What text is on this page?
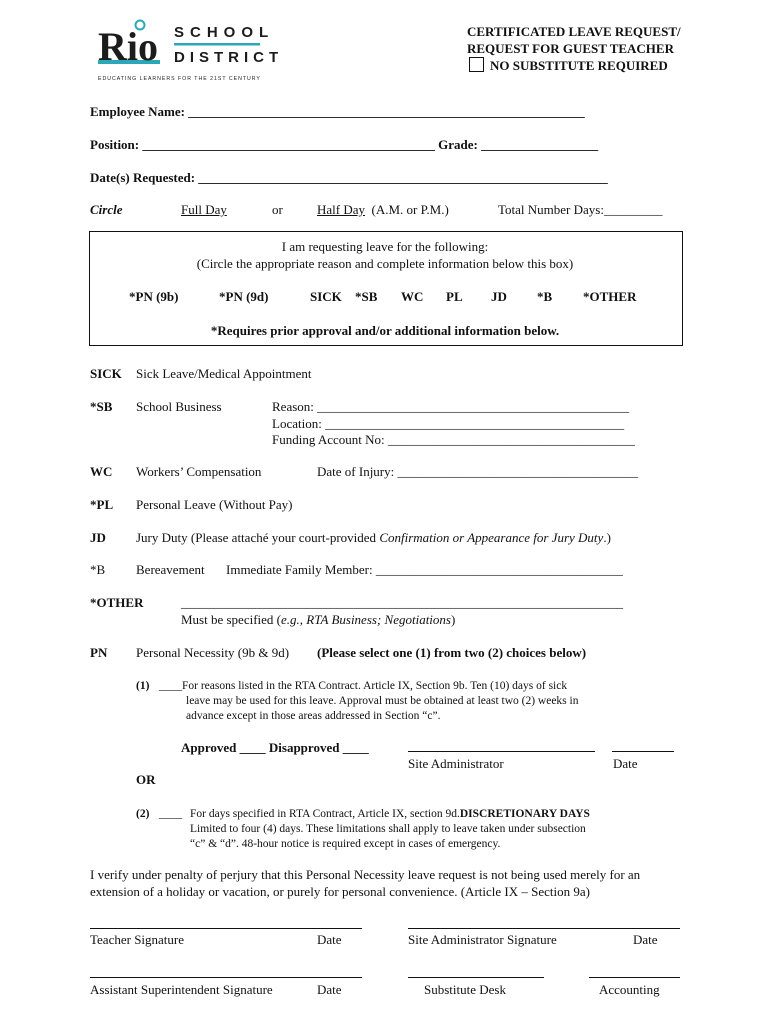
Rio SCHOOL
DISTRICT
EDUCATING LEARNERS FOR THE 21ST CENTURY
CERTIFICATED LEAVE REQUEST/
REQUEST FOR GUEST TEACHER
NO SUBSTITUTE REQUIRED
Employee Name: _____________________________________________________________
Position: _____________________________________________ Grade: __________________
Date(s) Requested: _______________________________________________________________
Circle	Full Day	or	Half Day (A.M. or P.M.)	Total Number Days:_________
I am requesting leave for the following:
(Circle the appropriate reason and complete information below this box)
*PN (9b)	*PN (9d)	SICK *SB WC PL JD *B *OTHER
*Requires prior approval and/or additional information below.
SICK Sick Leave/Medical Appointment
*SB School Business	Reason: ________________________________________________
Location: ______________________________________________
Funding Account No: ______________________________________
WC Workers’ Compensation	Date of Injury: _____________________________________
*PL Personal Leave (Without Pay)
JD Jury Duty (Please attaché your court-provided Confirmation or Appearance for Jury Duty.)
*B Bereavement Immediate Family Member: ______________________________________
*OTHER	____________________________________________________________________
Must be specified (e.g., RTA Business; Negotiations)
PN Personal Necessity (9b & 9d) (Please select one (1) from two (2) choices below)
(1) ____For reasons listed in the RTA Contract. Article IX, Section 9b. Ten (10) days of sick
leave may be used for this leave. Approval must be obtained at least two (2) weeks in
advance except in those areas addressed in Section “c”.
Approved ____ Disapproved ____
Site Administrator	Date
OR
(2) ____ For days specified in RTA Contract, Article IX, section 9d.DISCRETIONARY DAYS
Limited to four (4) days. These limitations shall apply to leave taken under subsection
“c” & “d”. 48-hour notice is required except in cases of emergency.
I verify under penalty of perjury that this Personal Necessity leave request is not being used merely for an
extension of a holiday or vacation, or purely for personal convenience. (Article IX – Section 9a)
Teacher Signature	Date	Site Administrator Signature	Date
Assistant Superintendent Signature	Date	Substitute Desk	Accounting
